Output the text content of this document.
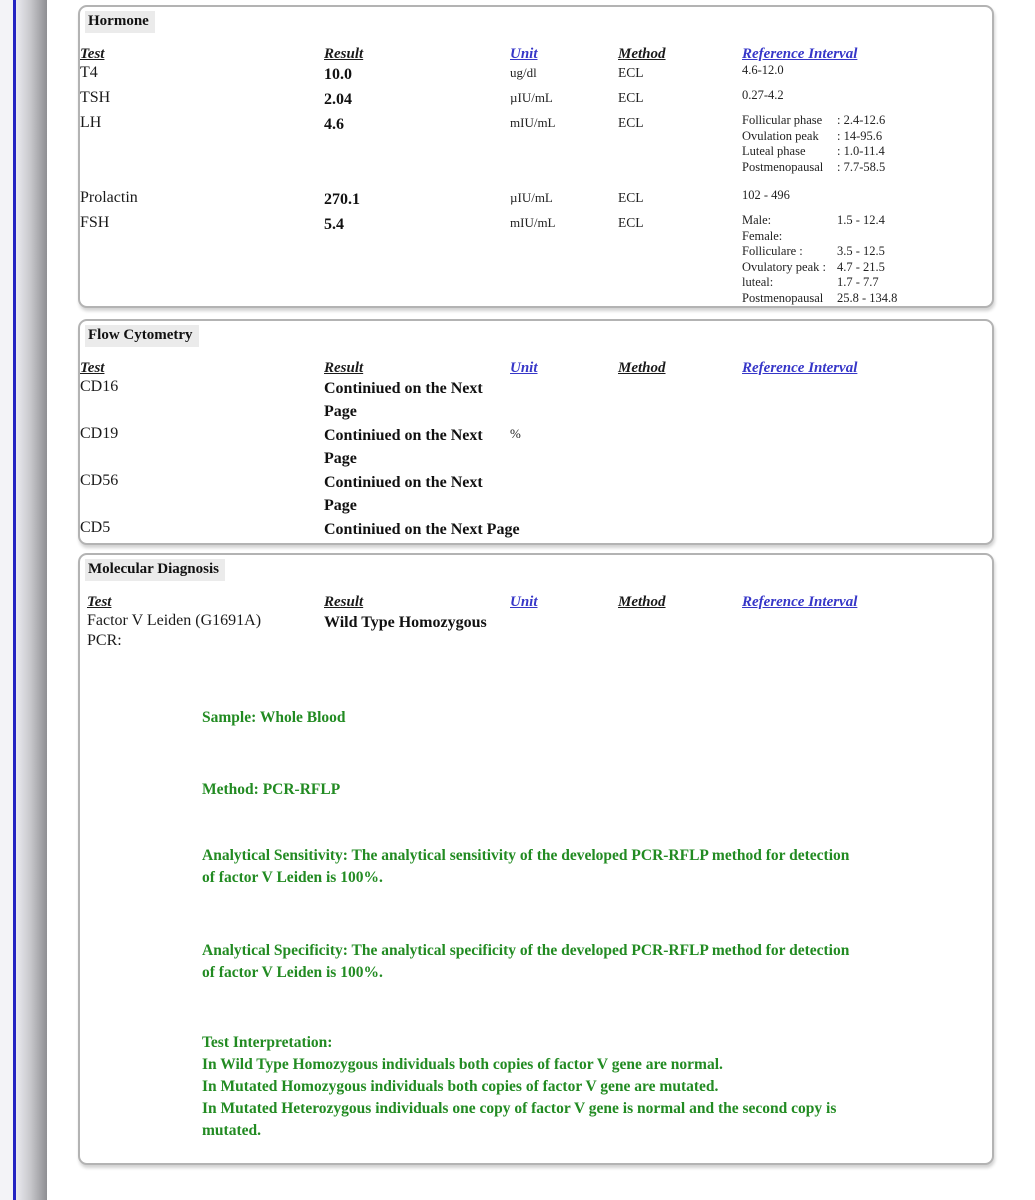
Hormone
Test	Result	Unit	Method	Reference Interval
T4	10.0	ug/dl	ECL	4.6-12.0

TSH	2.04	µIU/mL	ECL	0.27-4.2

LH	4.6	mIU/mL	ECL	Follicular phase	: 2.4-12.6
Ovulation peak	: 14-95.6
Luteal phase	: 1.0-11.4
Postmenopausal	: 7.7-58.5

Prolactin	270.1	µIU/mL	ECL	102 - 496

FSH	5.4	mIU/mL	ECL	Male:	1.5 - 12.4
Female:
Folliculare :	3.5 - 12.5
Ovulatory peak : 4.7 - 21.5
luteal:	1.7 - 7.7
Postmenopausal	25.8 - 134.8
Flow Cytometry
Test	Result	Unit	Method	Reference Interval
CD16	Continiued on the Next Page			
CD19	Continiued on the Next Page	%		
CD56	Continiued on the Next Page			
CD5	Continiued on the Next Page			
Molecular Diagnosis
Test	Result	Unit	Method	Reference Interval

Factor V Leiden (G1691A) PCR:	Wild Type Homozygous			

Sample: Whole Blood

Method: PCR-RFLP

Analytical Sensitivity: The analytical sensitivity of the developed PCR-RFLP method for detection of factor V Leiden is 100%.

Analytical Specificity: The analytical specificity of the developed PCR-RFLP method for detection of factor V Leiden is 100%.

Test Interpretation:
In Wild Type Homozygous individuals both copies of factor V gene are normal.
In Mutated Homozygous individuals both copies of factor V gene are mutated.
In Mutated Heterozygous individuals one copy of factor V gene is normal and the second copy is mutated.
